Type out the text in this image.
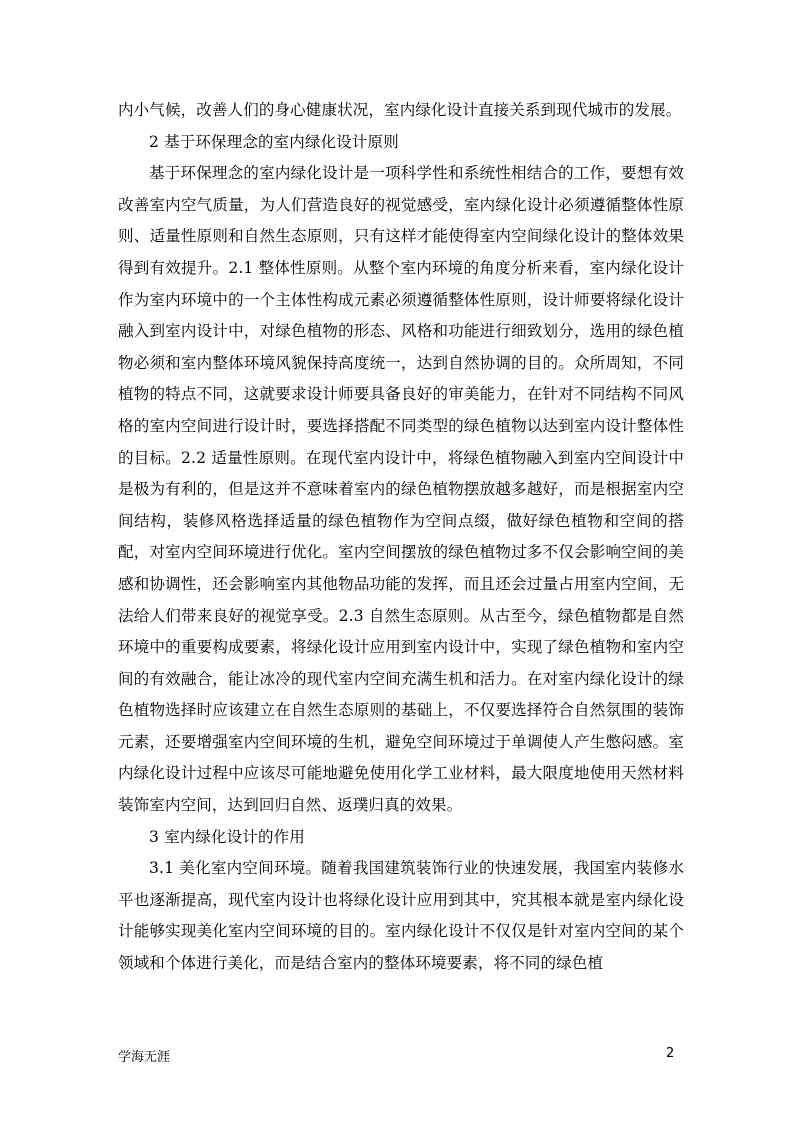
内小气候，改善人们的身心健康状况，室内绿化设计直接关系到现代城市的发展。

2 基于环保理念的室内绿化设计原则

基于环保理念的室内绿化设计是一项科学性和系统性相结合的工作，要想有效改善室内空气质量，为人们营造良好的视觉感受，室内绿化设计必须遵循整体性原则、适量性原则和自然生态原则，只有这样才能使得室内空间绿化设计的整体效果得到有效提升。2.1 整体性原则。从整个室内环境的角度分析来看，室内绿化设计作为室内环境中的一个主体性构成元素必须遵循整体性原则，设计师要将绿化设计融入到室内设计中，对绿色植物的形态、风格和功能进行细致划分，选用的绿色植物必须和室内整体环境风貌保持高度统一，达到自然协调的目的。众所周知，不同植物的特点不同，这就要求设计师要具备良好的审美能力，在针对不同结构不同风格的室内空间进行设计时，要选择搭配不同类型的绿色植物以达到室内设计整体性的目标。2.2 适量性原则。在现代室内设计中，将绿色植物融入到室内空间设计中是极为有利的，但是这并不意味着室内的绿色植物摆放越多越好，而是根据室内空间结构，装修风格选择适量的绿色植物作为空间点缀，做好绿色植物和空间的搭配，对室内空间环境进行优化。室内空间摆放的绿色植物过多不仅会影响空间的美感和协调性，还会影响室内其他物品功能的发挥，而且还会过量占用室内空间，无法给人们带来良好的视觉享受。2.3 自然生态原则。从古至今，绿色植物都是自然环境中的重要构成要素，将绿化设计应用到室内设计中，实现了绿色植物和室内空间的有效融合，能让冰冷的现代室内空间充满生机和活力。在对室内绿化设计的绿色植物选择时应该建立在自然生态原则的基础上，不仅要选择符合自然氛围的装饰元素，还要增强室内空间环境的生机，避免空间环境过于单调使人产生憋闷感。室内绿化设计过程中应该尽可能地避免使用化学工业材料，最大限度地使用天然材料装饰室内空间，达到回归自然、返璞归真的效果。

3 室内绿化设计的作用

3.1 美化室内空间环境。随着我国建筑装饰行业的快速发展，我国室内装修水平也逐渐提高，现代室内设计也将绿化设计应用到其中，究其根本就是室内绿化设计能够实现美化室内空间环境的目的。室内绿化设计不仅仅是针对室内空间的某个领域和个体进行美化，而是结合室内的整体环境要素，将不同的绿色植

学海无涯	2
